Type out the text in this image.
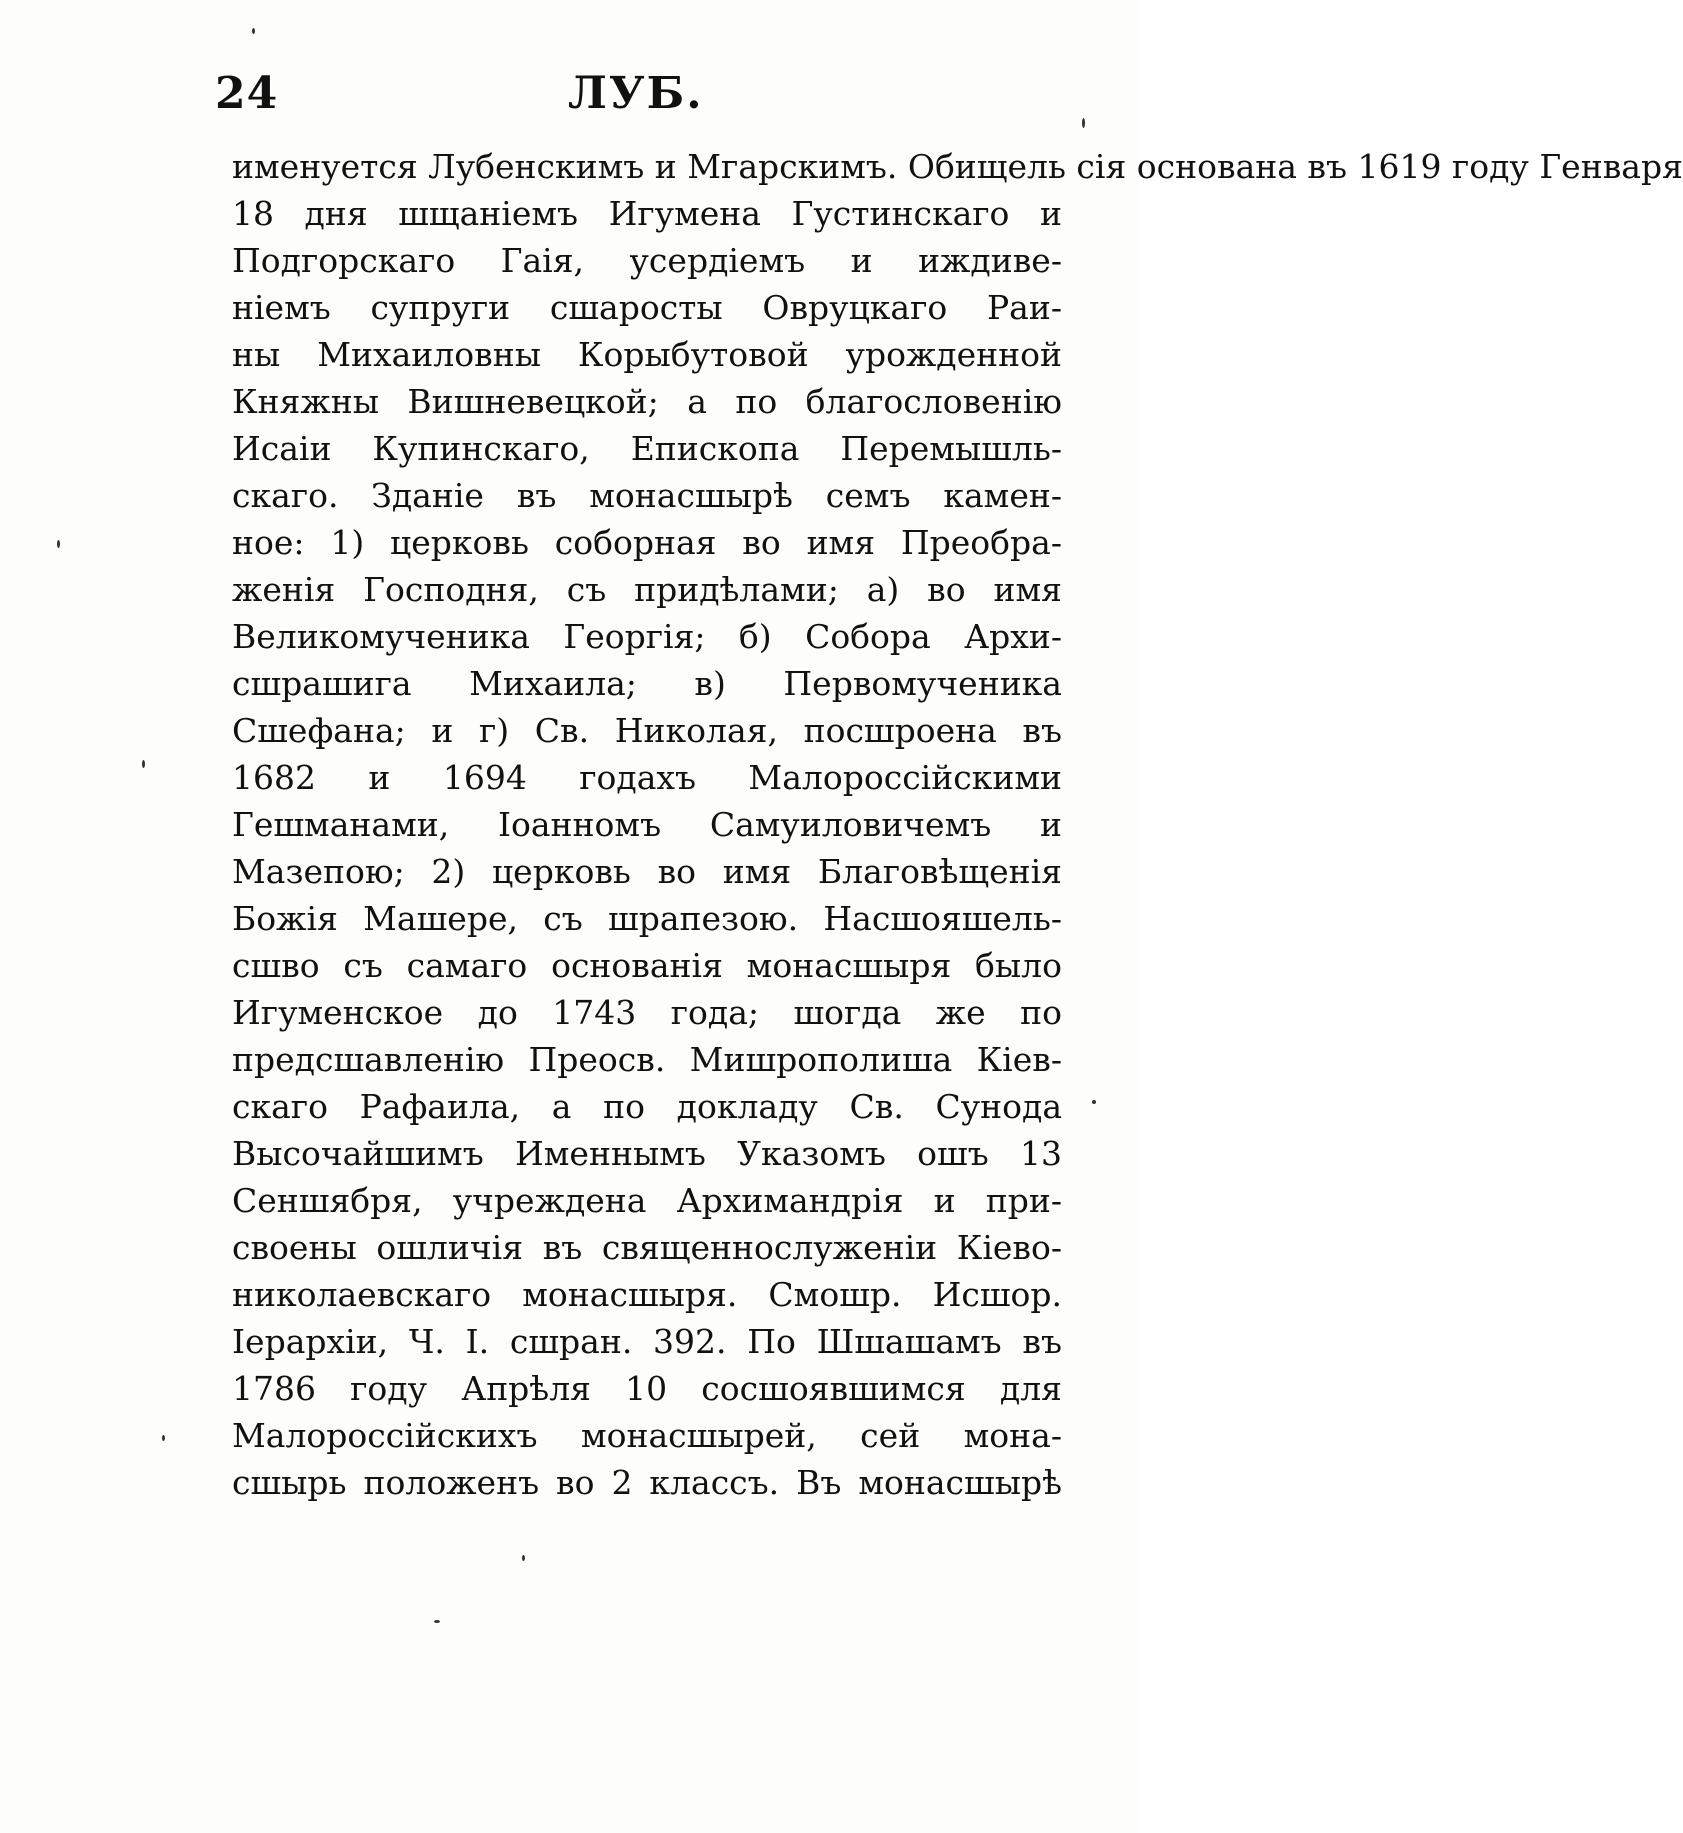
24	ЛУБ.
именуется Лубенскимъ и Мгарскимъ. Обищель сія основана въ 1619 году Генваря
18 дня шщаніемъ Игумена Густинскаго и
Подгорскаго Гаія, усердіемъ и иждиве-
ніемъ супруги сшаросты Овруцкаго Раи-
ны Михаиловны Корыбутовой урожденной
Княжны Вишневецкой; а по благословенію
Исаіи Купинскаго, Епископа Перемышль-
скаго. Зданіе въ монасшырѣ семъ камен-
ное: 1) церковь соборная во имя Преобра-
женія Господня, съ придѣлами; а) во имя
Великомученика Георгія; б) Собора Архи-
сшрашига Михаила; в) Первомученика
Сшефана; и г) Св. Николая, посшроена въ
1682 и 1694 годахъ Малороссійскими
Гешманами, Іоанномъ Самуиловичемъ и
Мазепою; 2) церковь во имя Благовѣщенія
Божія Машере, съ шрапезою. Насшояшель-
сшво съ самаго основанія монасшыря было
Игуменское до 1743 года; шогда же по
предсшавленію Преосв. Мишрополиша Кіев-
скаго Рафаила, а по докладу Св. Сунода
Высочайшимъ Именнымъ Указомъ ошъ 13
Сеншября, учреждена Архимандрія и при-
своены ошличія въ священнослуженіи Кіево-
николаевскаго монасшыря. Смошр. Исшор.
Іерархіи, Ч. I. сшран. 392. По Шшашамъ въ
1786 году Апрѣля 10 сосшоявшимся для
Малороссійскихъ монасшырей, сей мона-
сшырь положенъ во 2 классъ. Въ монасшырѣ
